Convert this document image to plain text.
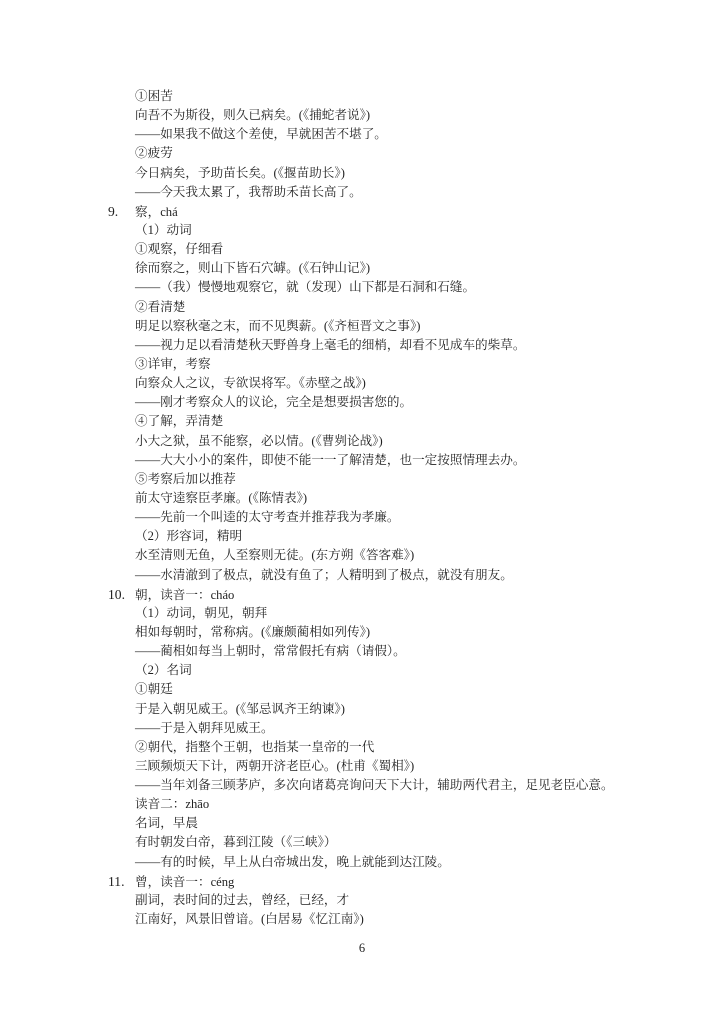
①困苦
向吾不为斯役，则久已病矣。(《捕蛇者说》)
——如果我不做这个差使，早就困苦不堪了。
②疲劳
今日病矣，予助苗长矣。(《揠苗助长》)
——今天我太累了，我帮助禾苗长高了。
9. 察，chá
（1）动词
①观察，仔细看
徐而察之，则山下皆石穴罅。(《石钟山记》)
——（我）慢慢地观察它，就（发现）山下都是石洞和石缝。
②看清楚
明足以察秋毫之末，而不见舆薪。(《齐桓晋文之事》)
——视力足以看清楚秋天野兽身上毫毛的细梢，却看不见成车的柴草。
③详审，考察
向察众人之议，专欲误将军。《赤壁之战》)
——刚才考察众人的议论，完全是想要损害您的。
④了解，弄清楚
小大之狱，虽不能察，必以情。(《曹刿论战》)
——大大小小的案件，即使不能一一了解清楚，也一定按照情理去办。
⑤考察后加以推荐
前太守逵察臣孝廉。(《陈情表》)
——先前一个叫逵的太守考查并推荐我为孝廉。
（2）形容词，精明
水至清则无鱼，人至察则无徒。(东方朔《答客难》)
——水清澈到了极点，就没有鱼了；人精明到了极点，就没有朋友。
10. 朝，读音一：cháo
（1）动词，朝见，朝拜
相如每朝时，常称病。(《廉颇蔺相如列传》)
——蔺相如每当上朝时，常常假托有病（请假）。
（2）名词
①朝廷
于是入朝见威王。(《邹忌讽齐王纳谏》)
——于是入朝拜见威王。
②朝代，指整个王朝，也指某一皇帝的一代
三顾频烦天下计，两朝开济老臣心。(杜甫《蜀相》)
——当年刘备三顾茅庐，多次向诸葛亮询问天下大计，辅助两代君主，足见老臣心意。
读音二：zhāo
名词，早晨
有时朝发白帝，暮到江陵（《三峡》）
——有的时候，早上从白帝城出发，晚上就能到达江陵。
11. 曾，读音一：céng
副词，表时间的过去，曾经，已经，才
江南好，风景旧曾谙。(白居易《忆江南》)
6
